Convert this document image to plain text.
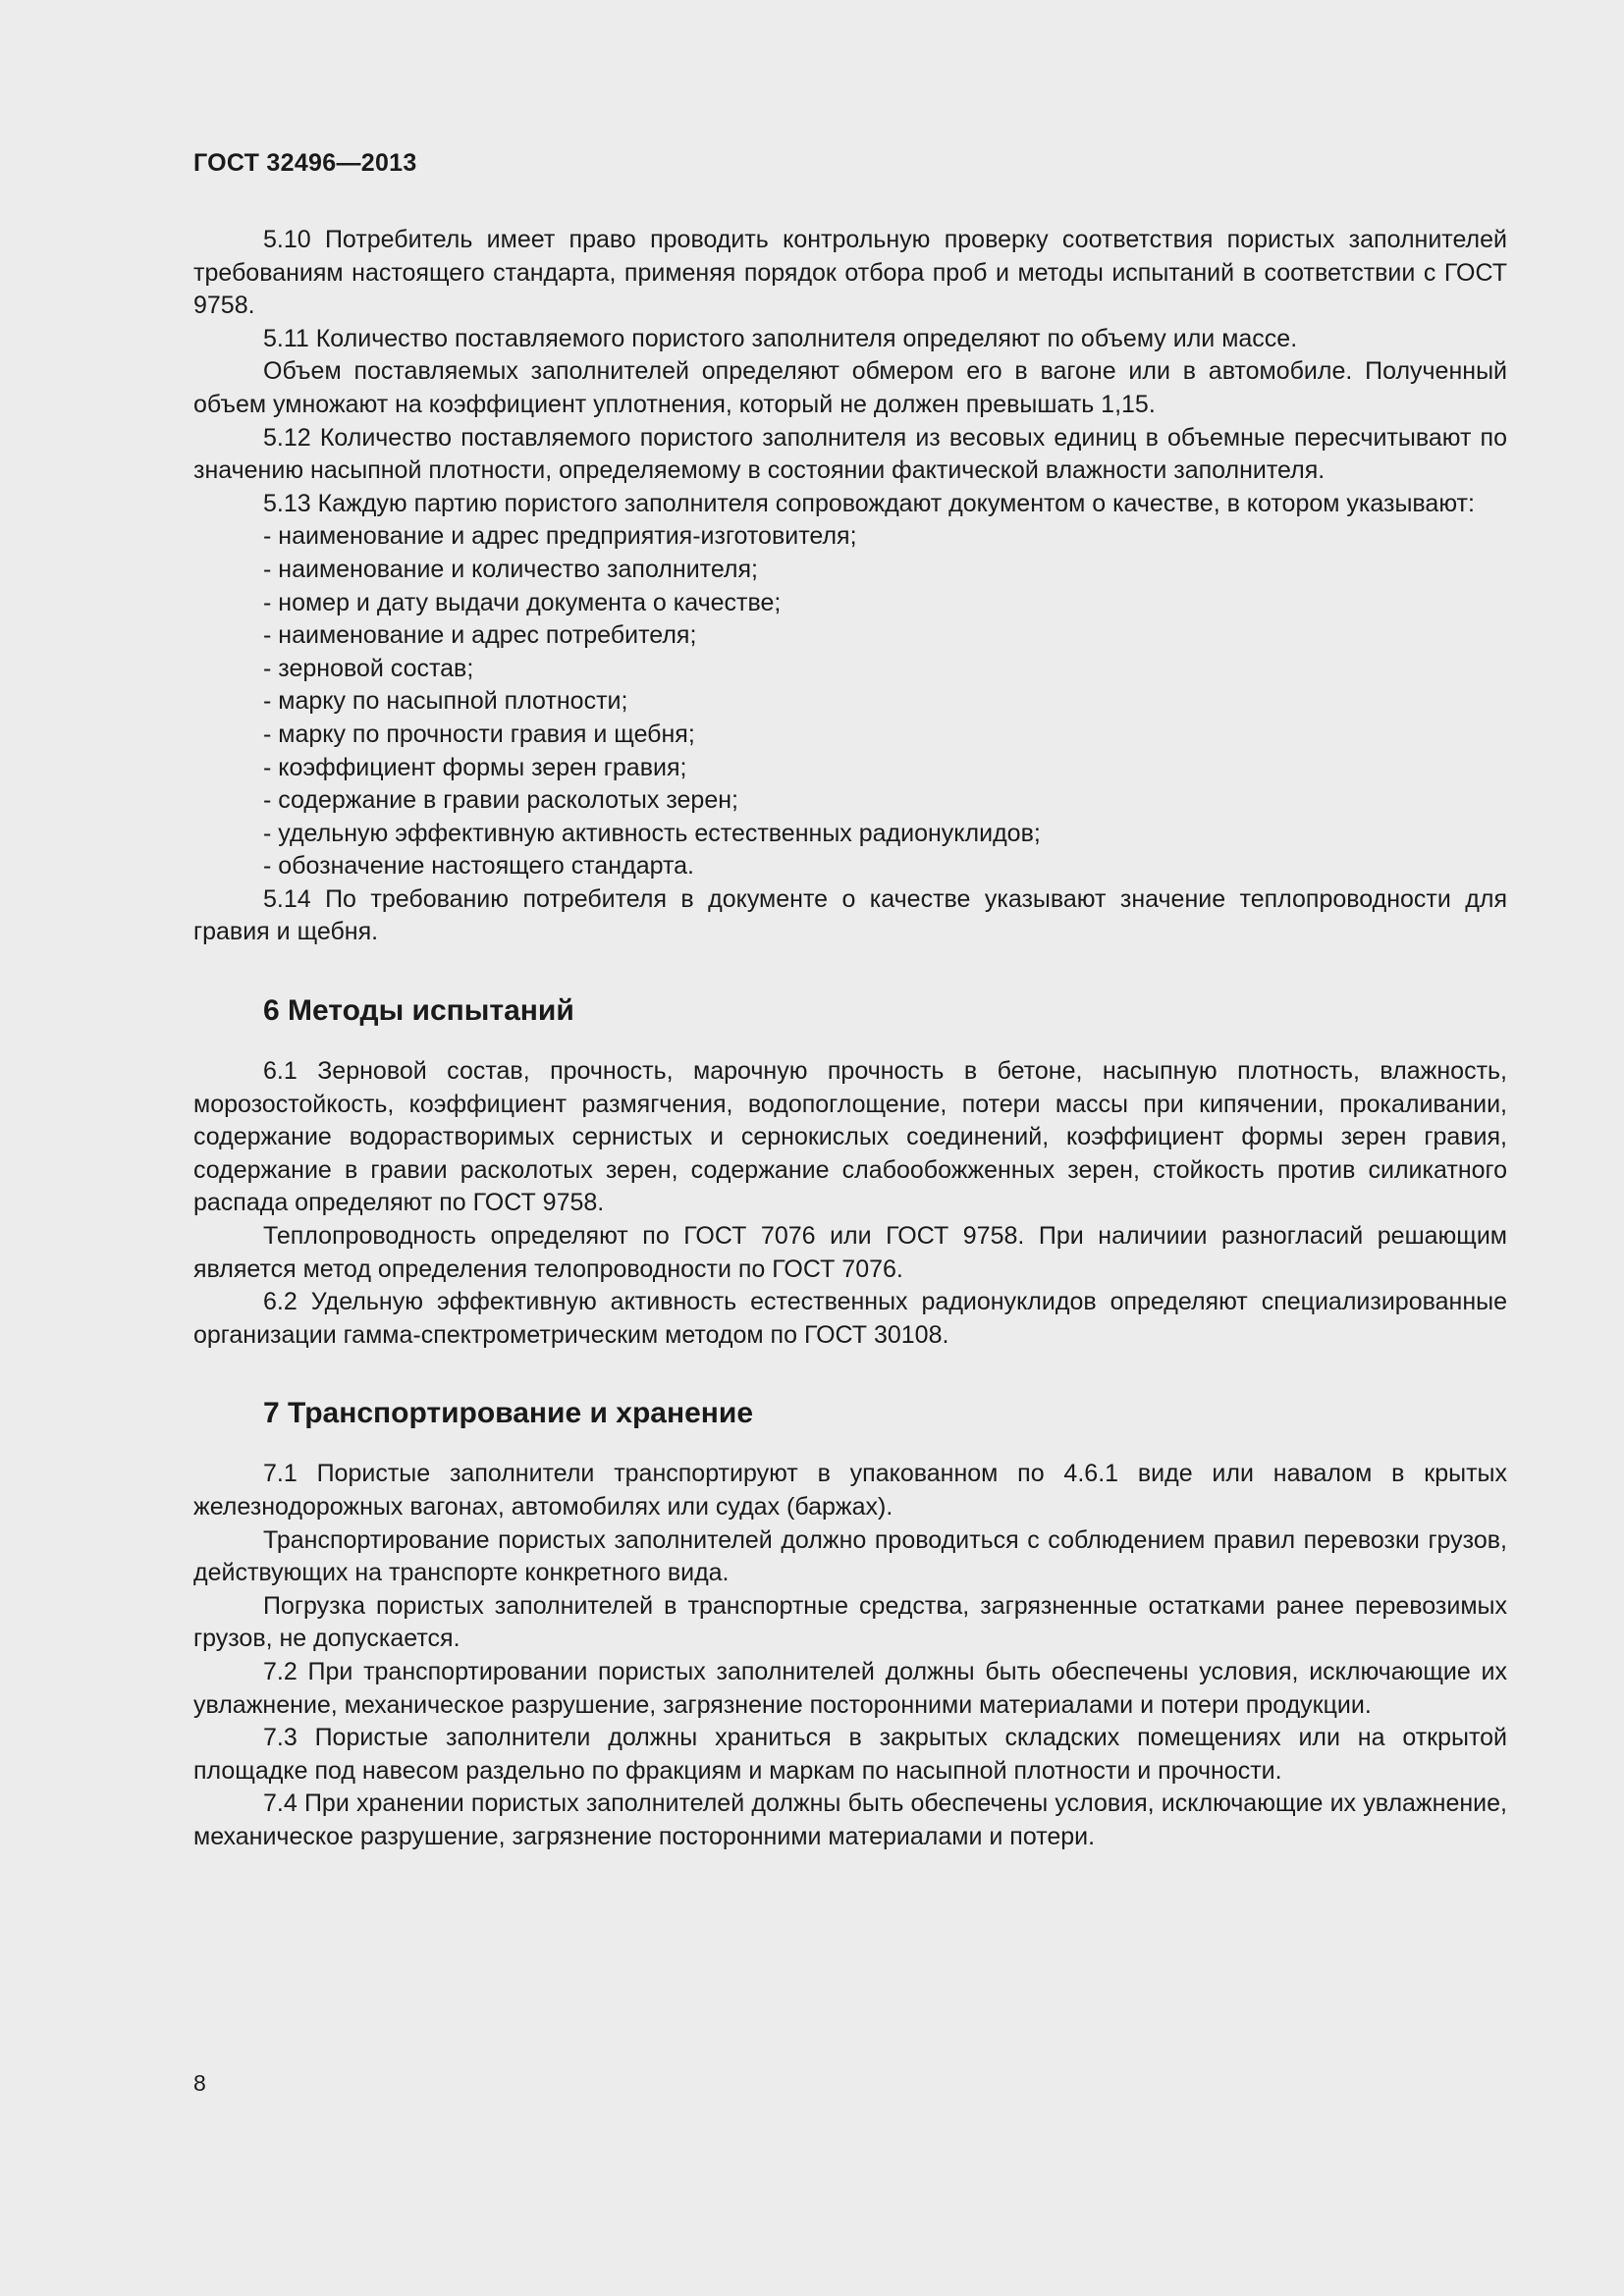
ГОСТ 32496—2013

5.10 Потребитель имеет право проводить контрольную проверку соответствия пористых заполнителей требованиям настоящего стандарта, применяя порядок отбора проб и методы испытаний в соответствии с ГОСТ 9758.

5.11 Количество поставляемого пористого заполнителя определяют по объему или массе.

Объем поставляемых заполнителей определяют обмером его в вагоне или в автомобиле. Полученный объем умножают на коэффициент уплотнения, который не должен превышать 1,15.

5.12 Количество поставляемого пористого заполнителя из весовых единиц в объемные пересчитывают по значению насыпной плотности, определяемому в состоянии фактической влажности заполнителя.

5.13 Каждую партию пористого заполнителя сопровождают документом о качестве, в котором указывают:

- наименование и адрес предприятия-изготовителя;
- наименование и количество заполнителя;
- номер и дату выдачи документа о качестве;
- наименование и адрес потребителя;
- зерновой состав;
- марку по насыпной плотности;
- марку по прочности гравия и щебня;
- коэффициент формы зерен гравия;
- содержание в гравии расколотых зерен;
- удельную эффективную активность естественных радионуклидов;
- обозначение настоящего стандарта.

5.14 По требованию потребителя в документе о качестве указывают значение теплопроводности для гравия и щебня.

6 Методы испытаний

6.1 Зерновой состав, прочность, марочную прочность в бетоне, насыпную плотность, влажность, морозостойкость, коэффициент размягчения, водопоглощение, потери массы при кипячении, прокаливании, содержание водорастворимых сернистых и сернокислых соединений, коэффициент формы зерен гравия, содержание в гравии расколотых зерен, содержание слабообожженных зерен, стойкость против силикатного распада определяют по ГОСТ 9758.

Теплопроводность определяют по ГОСТ 7076 или ГОСТ 9758. При наличиии разногласий решающим является метод определения телопроводности по ГОСТ 7076.

6.2 Удельную эффективную активность естественных радионуклидов определяют специализированные организации гамма-спектрометрическим методом по ГОСТ 30108.

7 Транспортирование и хранение

7.1 Пористые заполнители транспортируют в упакованном по 4.6.1 виде или навалом в крытых железнодорожных вагонах, автомобилях или судах (баржах).

Транспортирование пористых заполнителей должно проводиться с соблюдением правил перевозки грузов, действующих на транспорте конкретного вида.

Погрузка пористых заполнителей в транспортные средства, загрязненные остатками ранее перевозимых грузов, не допускается.

7.2 При транспортировании пористых заполнителей должны быть обеспечены условия, исключающие их увлажнение, механическое разрушение, загрязнение посторонними материалами и потери продукции.

7.3 Пористые заполнители должны храниться в закрытых складских помещениях или на открытой площадке под навесом раздельно по фракциям и маркам по насыпной плотности и прочности.

7.4 При хранении пористых заполнителей должны быть обеспечены условия, исключающие их увлажнение, механическое разрушение, загрязнение посторонними материалами и потери.

8
